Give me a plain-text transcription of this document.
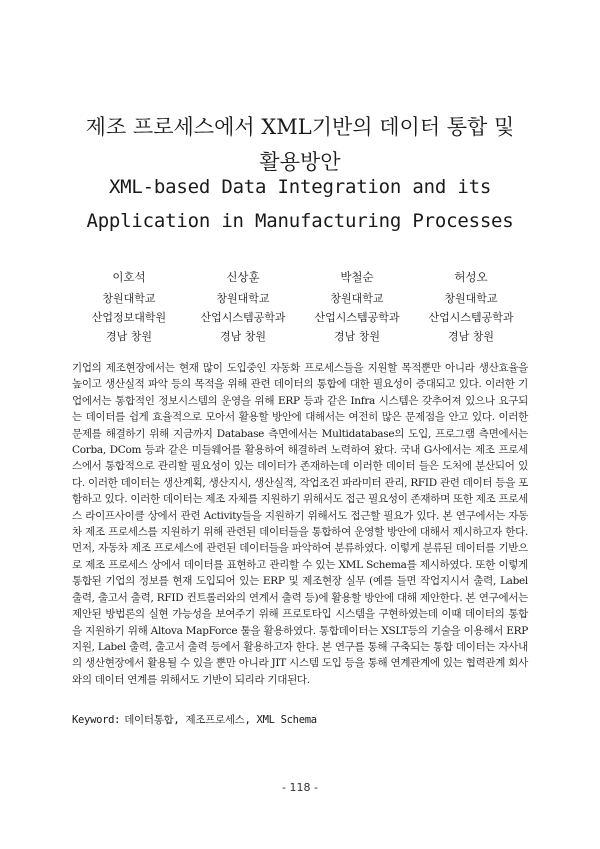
제조 프로세스에서 XML기반의 데이터 통합 및
활용방안
XML-based Data Integration and its
Application in Manufacturing Processes
이호석
창원대학교
산업정보대학원
경남 창원
신상훈
창원대학교
산업시스템공학과
경남 창원
박철순
창원대학교
산업시스템공학과
경남 창원
허성오
창원대학교
산업시스템공학과
경남 창원
기업의 제조현장에서는 현재 많이 도입중인 자동화 프로세스들을 지원할 목적뿐만 아니라 생산효율을 높이고 생산실적 파악 등의 목적을 위해 관련 데이터의 통합에 대한 필요성이 증대되고 있다. 이러한 기업에서는 통합적인 정보시스템의 운영을 위해 ERP 등과 같은 Infra 시스템은 갖추어져 있으나 요구되는 데이터를 쉽게 효율적으로 모아서 활용할 방안에 대해서는 여전히 많은 문제점을 안고 있다. 이러한 문제를 해결하기 위해 지금까지 Database 측면에서는 Multidatabase의 도입, 프로그램 측면에서는 Corba, DCom 등과 같은 미들웨어를 활용하여 해결하려 노력하여 왔다. 국내 G사에서는 제조 프로세스에서 통합적으로 관리할 필요성이 있는 데이터가 존재하는데 이러한 데이터 들은 도처에 분산되어 있다. 이러한 데이터는 생산계획, 생산지시, 생산실적, 작업조건 파라미터 관리, RFID 관련 데이터 등을 포함하고 있다. 이러한 데이터는 제조 자체를 지원하기 위해서도 접근 필요성이 존재하며 또한 제조 프로세스 라이프사이클 상에서 관련 Activity들을 지원하기 위해서도 접근할 필요가 있다. 본 연구에서는 자동차 제조 프로세스를 지원하기 위해 관련된 데이터들을 통합하여 운영할 방안에 대해서 제시하고자 한다. 먼저, 자동차 제조 프로세스에 관련된 데이터들을 파악하여 분류하였다. 이렇게 분류된 데이터를 기반으로 제조 프로세스 상에서 데이터를 표현하고 관리할 수 있는 XML Schema를 제시하였다. 또한 이렇게 통합된 기업의 정보를 현재 도입되어 있는 ERP 및 제조현장 실무 (예를 들면 작업지시서 출력, Label 출력, 출고서 출력, RFID 컨트롤러와의 연계서 출력 등)에 활용할 방안에 대해 제안한다. 본 연구에서는 제안된 방법론의 실현 가능성을 보여주기 위해 프로토타입 시스템을 구현하였는데 이때 데이터의 통합을 지원하기 위해 Altova MapForce 툴을 활용하였다. 통합데이터는 XSLT등의 기술을 이용해서 ERP 지원, Label 출력, 출고서 출력 등에서 활용하고자 한다. 본 연구를 통해 구축되는 통합 데이터는 자사내의 생산현장에서 활용될 수 있을 뿐만 아니라 JIT 시스템 도입 등을 통해 연계관계에 있는 협력관계 회사와의 데이터 연계를 위해서도 기반이 되리라 기대된다.
Keyword: 데이터통합, 제조프로세스, XML Schema
- 118 -
